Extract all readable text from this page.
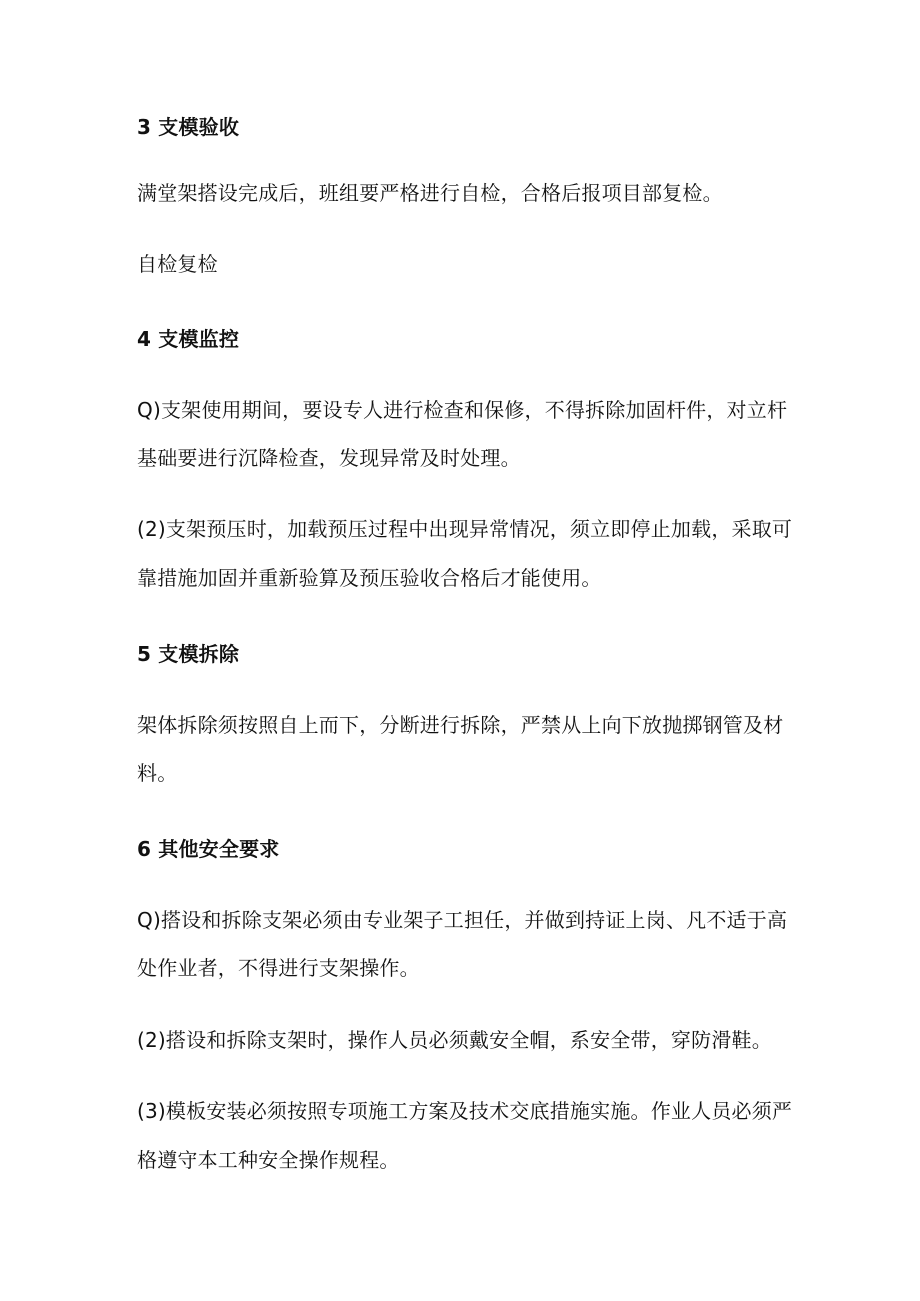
3 支模验收
满堂架搭设完成后，班组要严格进行自检，合格后报项目部复检。
自检复检
4 支模监控
Q)支架使用期间，要设专人进行检查和保修，不得拆除加固杆件，对立杆
基础要进行沉降检查，发现异常及时处理。
(2)支架预压时，加载预压过程中出现异常情况，须立即停止加载，采取可
靠措施加固并重新验算及预压验收合格后才能使用。
5 支模拆除
架体拆除须按照自上而下，分断进行拆除，严禁从上向下放抛掷钢管及材
料。
6 其他安全要求
Q)搭设和拆除支架必须由专业架子工担任，并做到持证上岗、凡不适于高
处作业者，不得进行支架操作。
(2)搭设和拆除支架时，操作人员必须戴安全帽，系安全带，穿防滑鞋。
(3)模板安装必须按照专项施工方案及技术交底措施实施。作业人员必须严
格遵守本工种安全操作规程。
